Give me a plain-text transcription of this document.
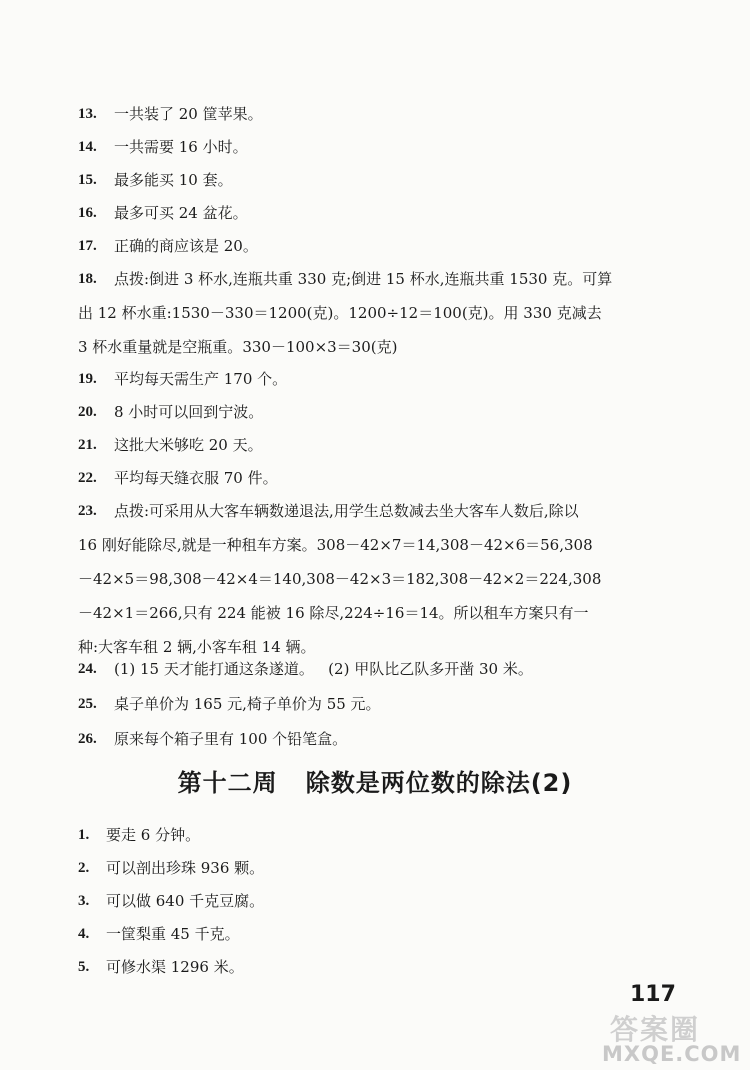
13. 一共装了 20 筐苹果。
14. 一共需要 16 小时。
15. 最多能买 10 套。
16. 最多可买 24 盆花。
17. 正确的商应该是 20。
18. 点拨:倒进 3 杯水,连瓶共重 330 克;倒进 15 杯水,连瓶共重 1530 克。可算
出 12 杯水重:1530－330＝1200(克)。1200÷12＝100(克)。用 330 克减去
3 杯水重量就是空瓶重。330－100×3＝30(克)
19. 平均每天需生产 170 个。
20. 8 小时可以回到宁波。
21. 这批大米够吃 20 天。
22. 平均每天缝衣服 70 件。
23. 点拨:可采用从大客车辆数递退法,用学生总数减去坐大客车人数后,除以
16 刚好能除尽,就是一种租车方案。308－42×7＝14,308－42×6＝56,308
－42×5＝98,308－42×4＝140,308－42×3＝182,308－42×2＝224,308
－42×1＝266,只有 224 能被 16 除尽,224÷16＝14。所以租车方案只有一
种:大客车租 2 辆,小客车租 14 辆。
24. (1) 15 天才能打通这条遂道。   (2) 甲队比乙队多开凿 30 米。
25. 桌子单价为 165 元,椅子单价为 55 元。
26. 原来每个箱子里有 100 个铅笔盒。
第十二周   除数是两位数的除法(2)
1. 要走 6 分钟。
2. 可以剖出珍珠 936 颗。
3. 可以做 640 千克豆腐。
4. 一筐梨重 45 千克。
5. 可修水渠 1296 米。
117
答案圈
MXQE.COM
